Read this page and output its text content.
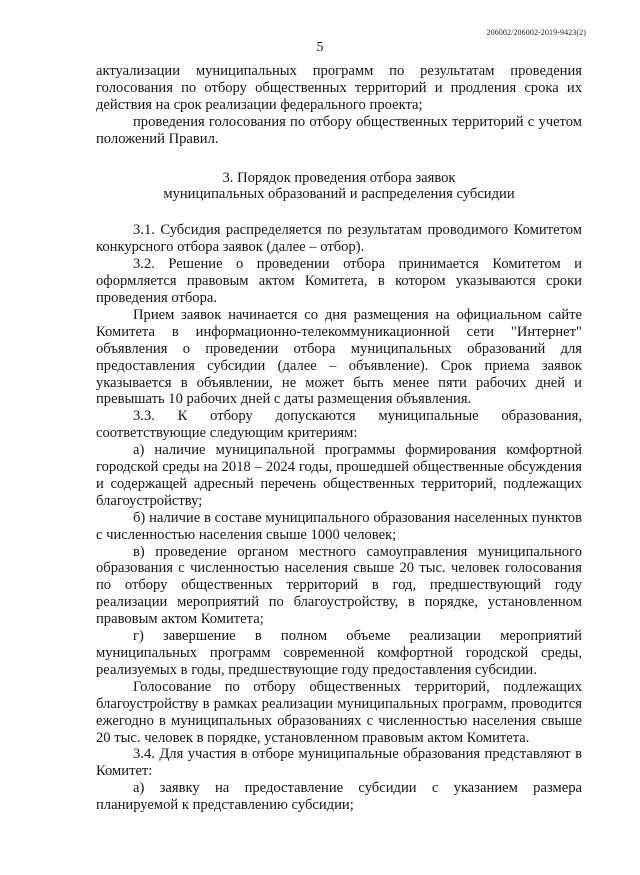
206002/206002-2019-9423(2)
5

актуализации муниципальных программ по результатам проведения голосования по отбору общественных территорий и продления срока их действия на срок реализации федерального проекта;

проведения голосования по отбору общественных территорий с учетом положений Правил.

3. Порядок проведения отбора заявок
муниципальных образований и распределения субсидии

3.1. Субсидия распределяется по результатам проводимого Комитетом конкурсного отбора заявок (далее – отбор).

3.2. Решение о проведении отбора принимается Комитетом и оформляется правовым актом Комитета, в котором указываются сроки проведения отбора.

Прием заявок начинается со дня размещения на официальном сайте Комитета в информационно-телекоммуникационной сети "Интернет" объявления о проведении отбора муниципальных образований для предоставления субсидии (далее – объявление). Срок приема заявок указывается в объявлении, не может быть менее пяти рабочих дней и превышать 10 рабочих дней с даты размещения объявления.

3.3. К отбору допускаются муниципальные образования, соответствующие следующим критериям:

а) наличие муниципальной программы формирования комфортной городской среды на 2018 – 2024 годы, прошедшей общественные обсуждения и содержащей адресный перечень общественных территорий, подлежащих благоустройству;

б) наличие в составе муниципального образования населенных пунктов с численностью населения свыше 1000 человек;

в) проведение органом местного самоуправления муниципального образования с численностью населения свыше 20 тыс. человек голосования по отбору общественных территорий в год, предшествующий году реализации мероприятий по благоустройству, в порядке, установленном правовым актом Комитета;

г) завершение в полном объеме реализации мероприятий муниципальных программ современной комфортной городской среды, реализуемых в годы, предшествующие году предоставления субсидии.

Голосование по отбору общественных территорий, подлежащих благоустройству в рамках реализации муниципальных программ, проводится ежегодно в муниципальных образованиях с численностью населения свыше 20 тыс. человек в порядке, установленном правовым актом Комитета.

3.4. Для участия в отборе муниципальные образования представляют в Комитет:

а) заявку на предоставление субсидии с указанием размера планируемой к представлению субсидии;
